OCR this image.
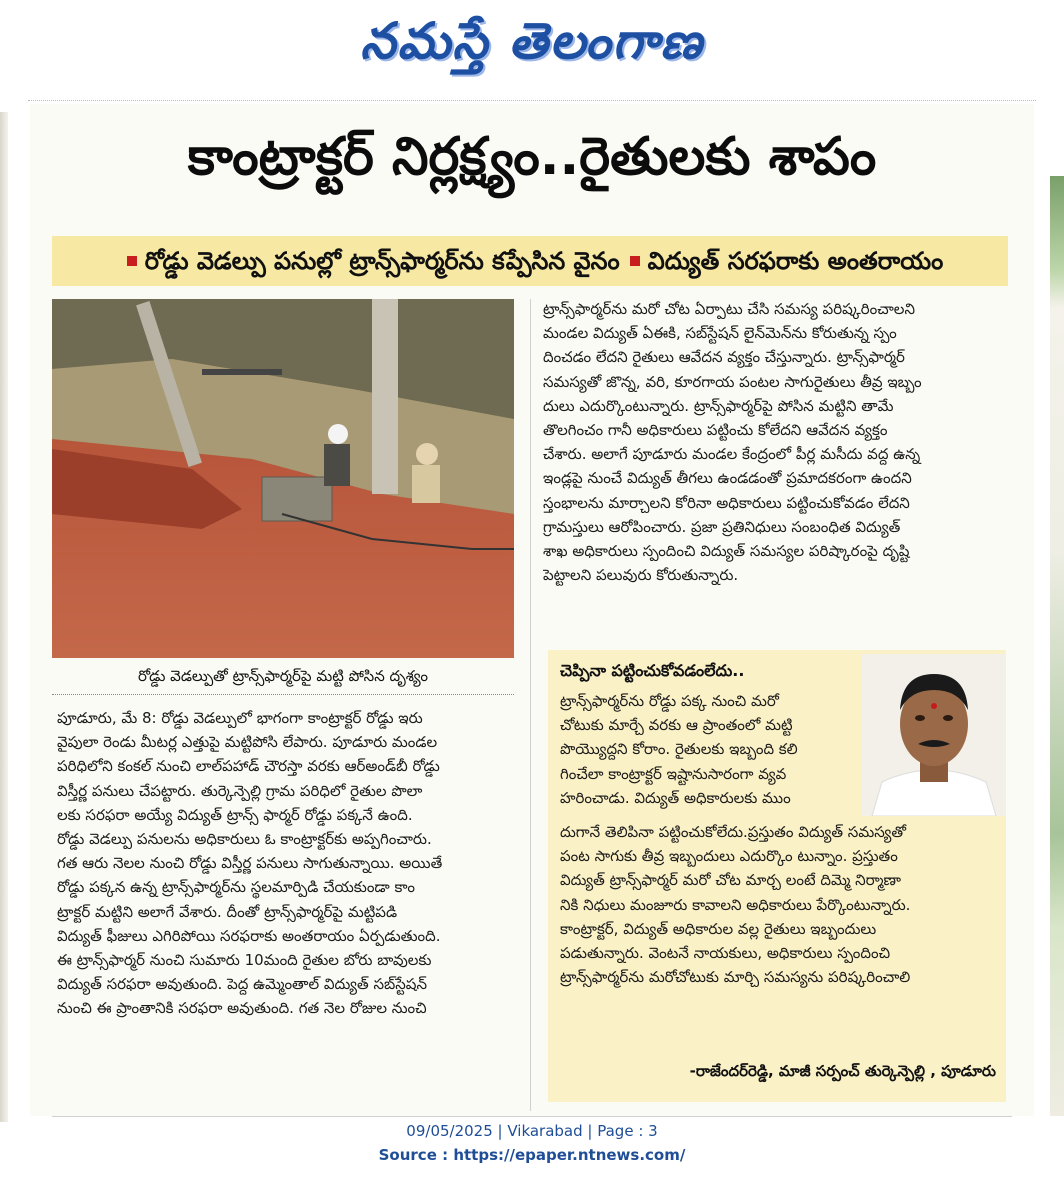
నమస్తే తెలంగాణ
కాంట్రాక్టర్ నిర్లక్ష్యం..రైతులకు శాపం
రోడ్డు వెడల్పు పనుల్లో ట్రాన్స్‌ఫార్మర్‌ను కప్పేసిన వైనం విద్యుత్ సరఫరాకు అంతరాయం
రోడ్డు వెడల్పుతో ట్రాన్స్‌ఫార్మర్‌పై మట్టి పోసిన దృశ్యం
పూడూరు, మే 8: రోడ్డు వెడల్పులో భాగంగా కాంట్రాక్టర్ రోడ్డు ఇరు
వైపులా రెండు మీటర్ల ఎత్తుపై మట్టిపోసి లేపారు. పూడూరు మండల
పరిధిలోని కంకల్ నుంచి లాల్‌పహాడ్ చౌరస్తా వరకు ఆర్‌అండ్‌బీ రోడ్డు
విస్తీర్ణ పనులు చేపట్టారు. తుర్కెన్పెల్లి గ్రామ పరిధిలో రైతుల పొలా
లకు సరఫరా అయ్యే విద్యుత్ ట్రాన్స్ ఫార్మర్ రోడ్డు పక్కనే ఉంది.
రోడ్డు వెడల్పు పనులను అధికారులు ఓ కాంట్రాక్టర్‌కు అప్పగించారు.
గత ఆరు నెలల నుంచి రోడ్డు విస్తీర్ణ పనులు సాగుతున్నాయి. అయితే
రోడ్డు పక్కన ఉన్న ట్రాన్స్‌ఫార్మర్‌ను స్థలమార్పిడి చేయకుండా కాం
ట్రాక్టర్ మట్టిని అలాగే వేశారు. దీంతో ట్రాన్స్‌ఫార్మర్‌పై మట్టిపడి
విద్యుత్ ఫీజులు ఎగిరిపోయి సరఫరాకు అంతరాయం ఏర్పడుతుంది.
ఈ ట్రాన్స్‌ఫార్మర్ నుంచి సుమారు 10మంది రైతుల బోరు బావులకు
విద్యుత్ సరఫరా అవుతుంది. పెద్ద ఉమ్మెంతాల్ విద్యుత్ సబ్‌స్టేషన్
నుంచి ఈ ప్రాంతానికి సరఫరా అవుతుంది. గత నెల రోజుల నుంచి
ట్రాన్స్‌ఫార్మర్‌ను మరో చోట ఏర్పాటు చేసి సమస్య పరిష్కరించాలని
మండల విద్యుత్ ఏఈకి, సబ్‌స్టేషన్ లైన్‌మెన్‌ను కోరుతున్న స్పం
దించడం లేదని రైతులు ఆవేదన వ్యక్తం చేస్తున్నారు. ట్రాన్స్‌ఫార్మర్
సమస్యతో జొన్న, వరి, కూరగాయ పంటల సాగురైతులు తీవ్ర ఇబ్బం
దులు ఎదుర్కొంటున్నారు. ట్రాన్స్‌ఫార్మర్‌పై పోసిన మట్టిని తామే
తొలగించం గానీ అధికారులు పట్టించు కోలేదని ఆవేదన వ్యక్తం
చేశారు. అలాగే పూడూరు మండల కేంద్రంలో పీర్ల మసీదు వద్ద ఉన్న
ఇండ్లపై నుంచే విద్యుత్ తీగలు ఉండడంతో ప్రమాదకరంగా ఉందని
స్తంభాలను మార్చాలని కోరినా అధికారులు పట్టించుకోవడం లేదని
గ్రామస్తులు ఆరోపించారు. ప్రజా ప్రతినిధులు సంబంధిత విద్యుత్
శాఖ అధికారులు స్పందించి విద్యుత్ సమస్యల పరిష్కారంపై దృష్టి
పెట్టాలని పలువురు కోరుతున్నారు.
చెప్పినా పట్టించుకోవడంలేదు..
ట్రాన్స్‌ఫార్మర్‌ను రోడ్డు పక్క నుంచి మరో
చోటుకు మార్చే వరకు ఆ ప్రాంతంలో మట్టి
పొయ్యొద్దని కోరాం. రైతులకు ఇబ్బంది కలి
గించేలా కాంట్రాక్టర్ ఇష్టానుసారంగా వ్యవ
హరించాడు. విద్యుత్ అధికారులకు ముం
దుగానే తెలిపినా పట్టించుకోలేదు.ప్రస్తుతం విద్యుత్ సమస్యతో
పంట సాగుకు తీవ్ర ఇబ్బందులు ఎదుర్కొం టున్నాం. ప్రస్తుతం
విద్యుత్ ట్రాన్స్‌ఫార్మర్ మరో చోట మార్చ లంటే దిమ్మె నిర్మాణా
నికి నిధులు మంజూరు కావాలని అధికారులు పేర్కొంటున్నారు.
కాంట్రాక్టర్, విద్యుత్ అధికారుల వల్ల రైతులు ఇబ్బందులు
పడుతున్నారు. వెంటనే నాయకులు, అధికారులు స్పందించి
ట్రాన్స్‌ఫార్మర్‌ను మరోచోటుకు మార్చి సమస్యను పరిష్కరించాలి
-రాజేందర్‌రెడ్డి, మాజీ సర్పంచ్ తుర్కెన్పెల్లి , పూడూరు
09/05/2025 | Vikarabad | Page : 3
Source : https://epaper.ntnews.com/
